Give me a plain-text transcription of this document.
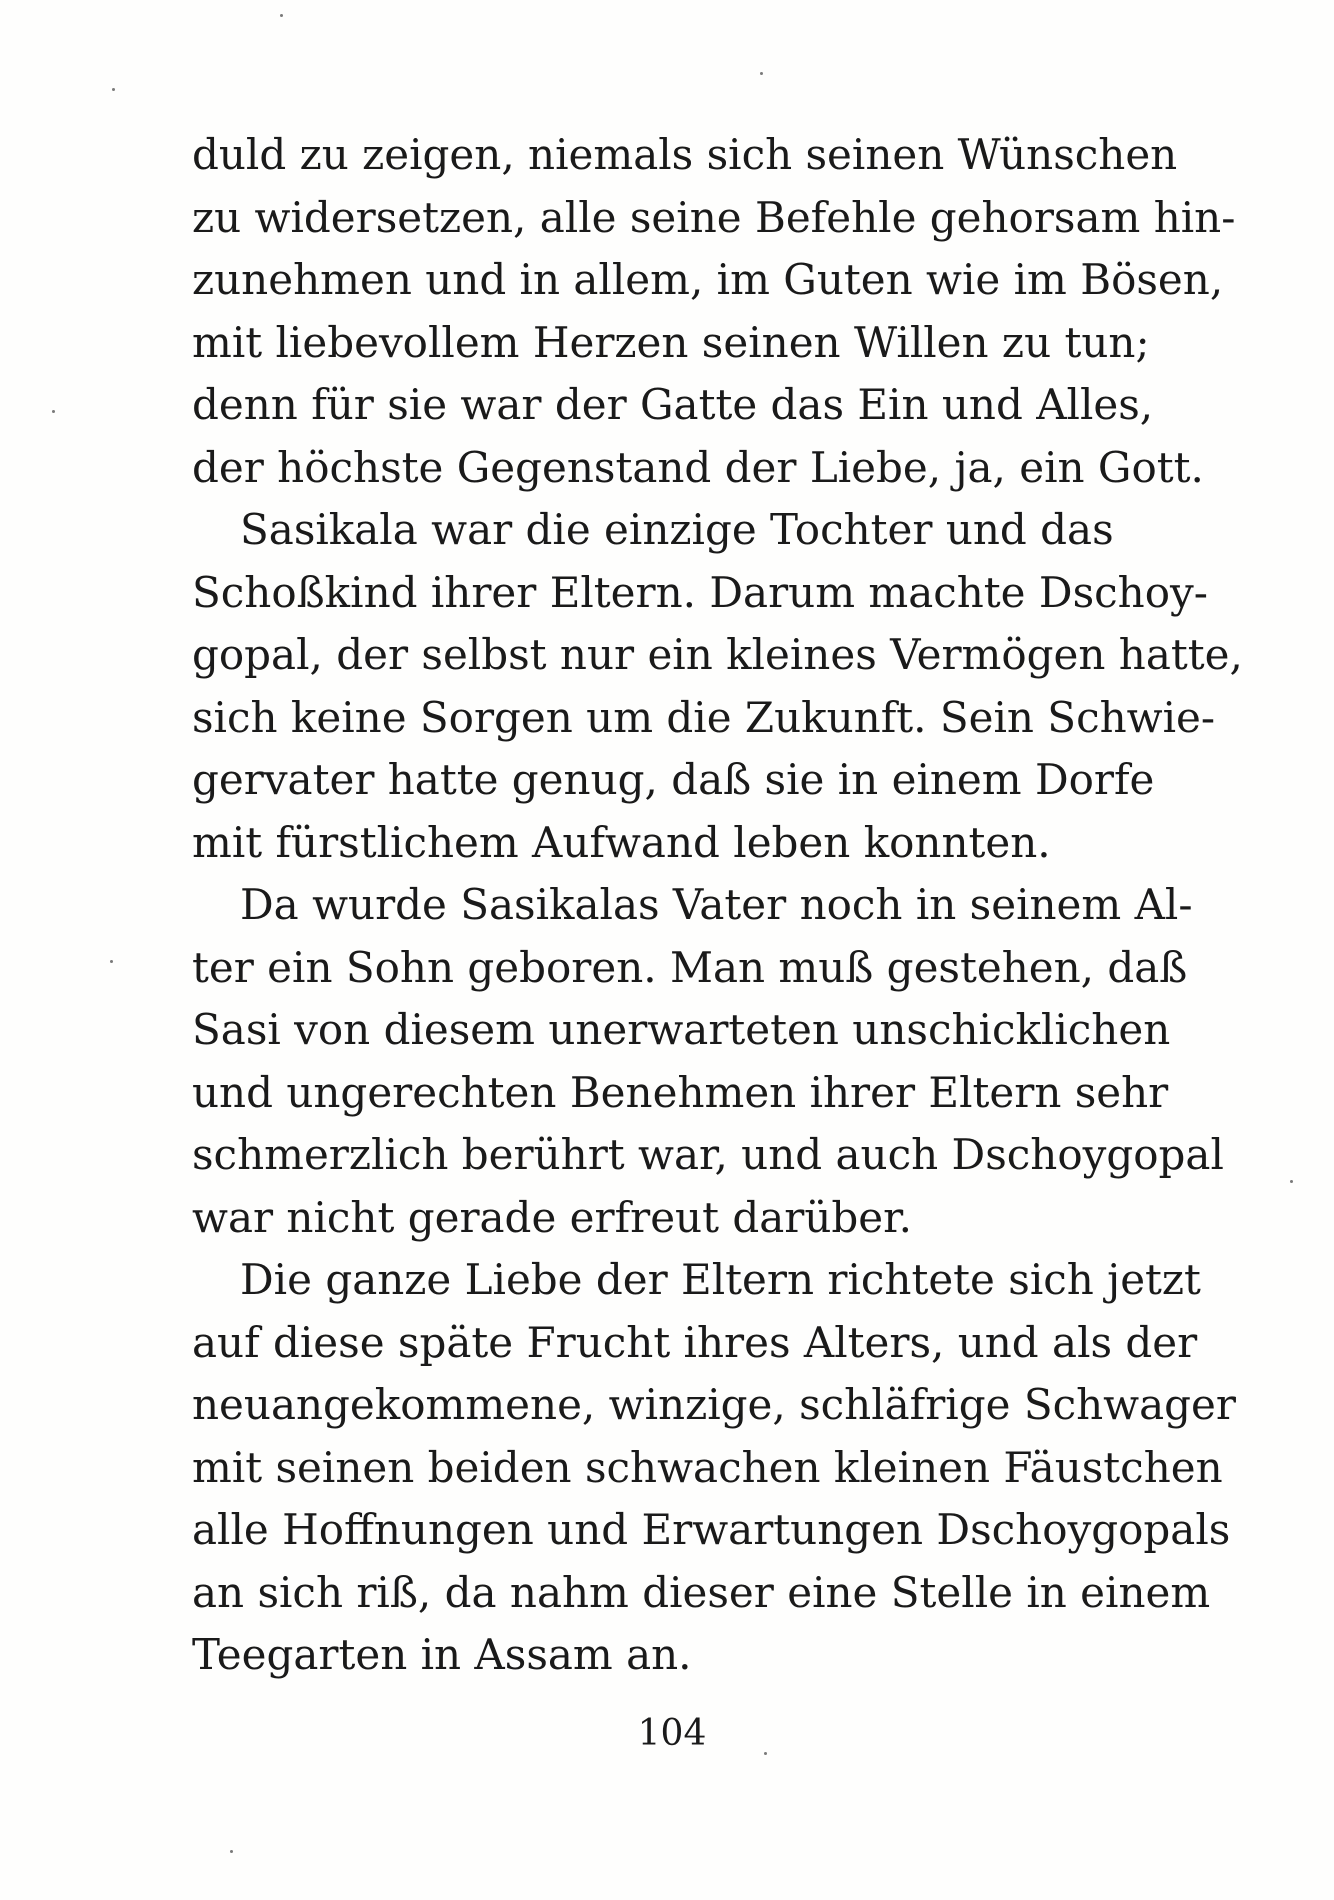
duld zu zeigen, niemals sich seinen Wünschen
zu widersetzen, alle seine Befehle gehorsam hin-
zunehmen und in allem, im Guten wie im Bösen,
mit liebevollem Herzen seinen Willen zu tun;
denn für sie war der Gatte das Ein und Alles,
der höchste Gegenstand der Liebe, ja, ein Gott.
Sasikala war die einzige Tochter und das
Schoßkind ihrer Eltern. Darum machte Dschoy-
gopal, der selbst nur ein kleines Vermögen hatte,
sich keine Sorgen um die Zukunft. Sein Schwie-
gervater hatte genug, daß sie in einem Dorfe
mit fürstlichem Aufwand leben konnten.
Da wurde Sasikalas Vater noch in seinem Al-
ter ein Sohn geboren. Man muß gestehen, daß
Sasi von diesem unerwarteten unschicklichen
und ungerechten Benehmen ihrer Eltern sehr
schmerzlich berührt war, und auch Dschoygopal
war nicht gerade erfreut darüber.
Die ganze Liebe der Eltern richtete sich jetzt
auf diese späte Frucht ihres Alters, und als der
neuangekommene, winzige, schläfrige Schwager
mit seinen beiden schwachen kleinen Fäustchen
alle Hoffnungen und Erwartungen Dschoygopals
an sich riß, da nahm dieser eine Stelle in einem
Teegarten in Assam an.
104
